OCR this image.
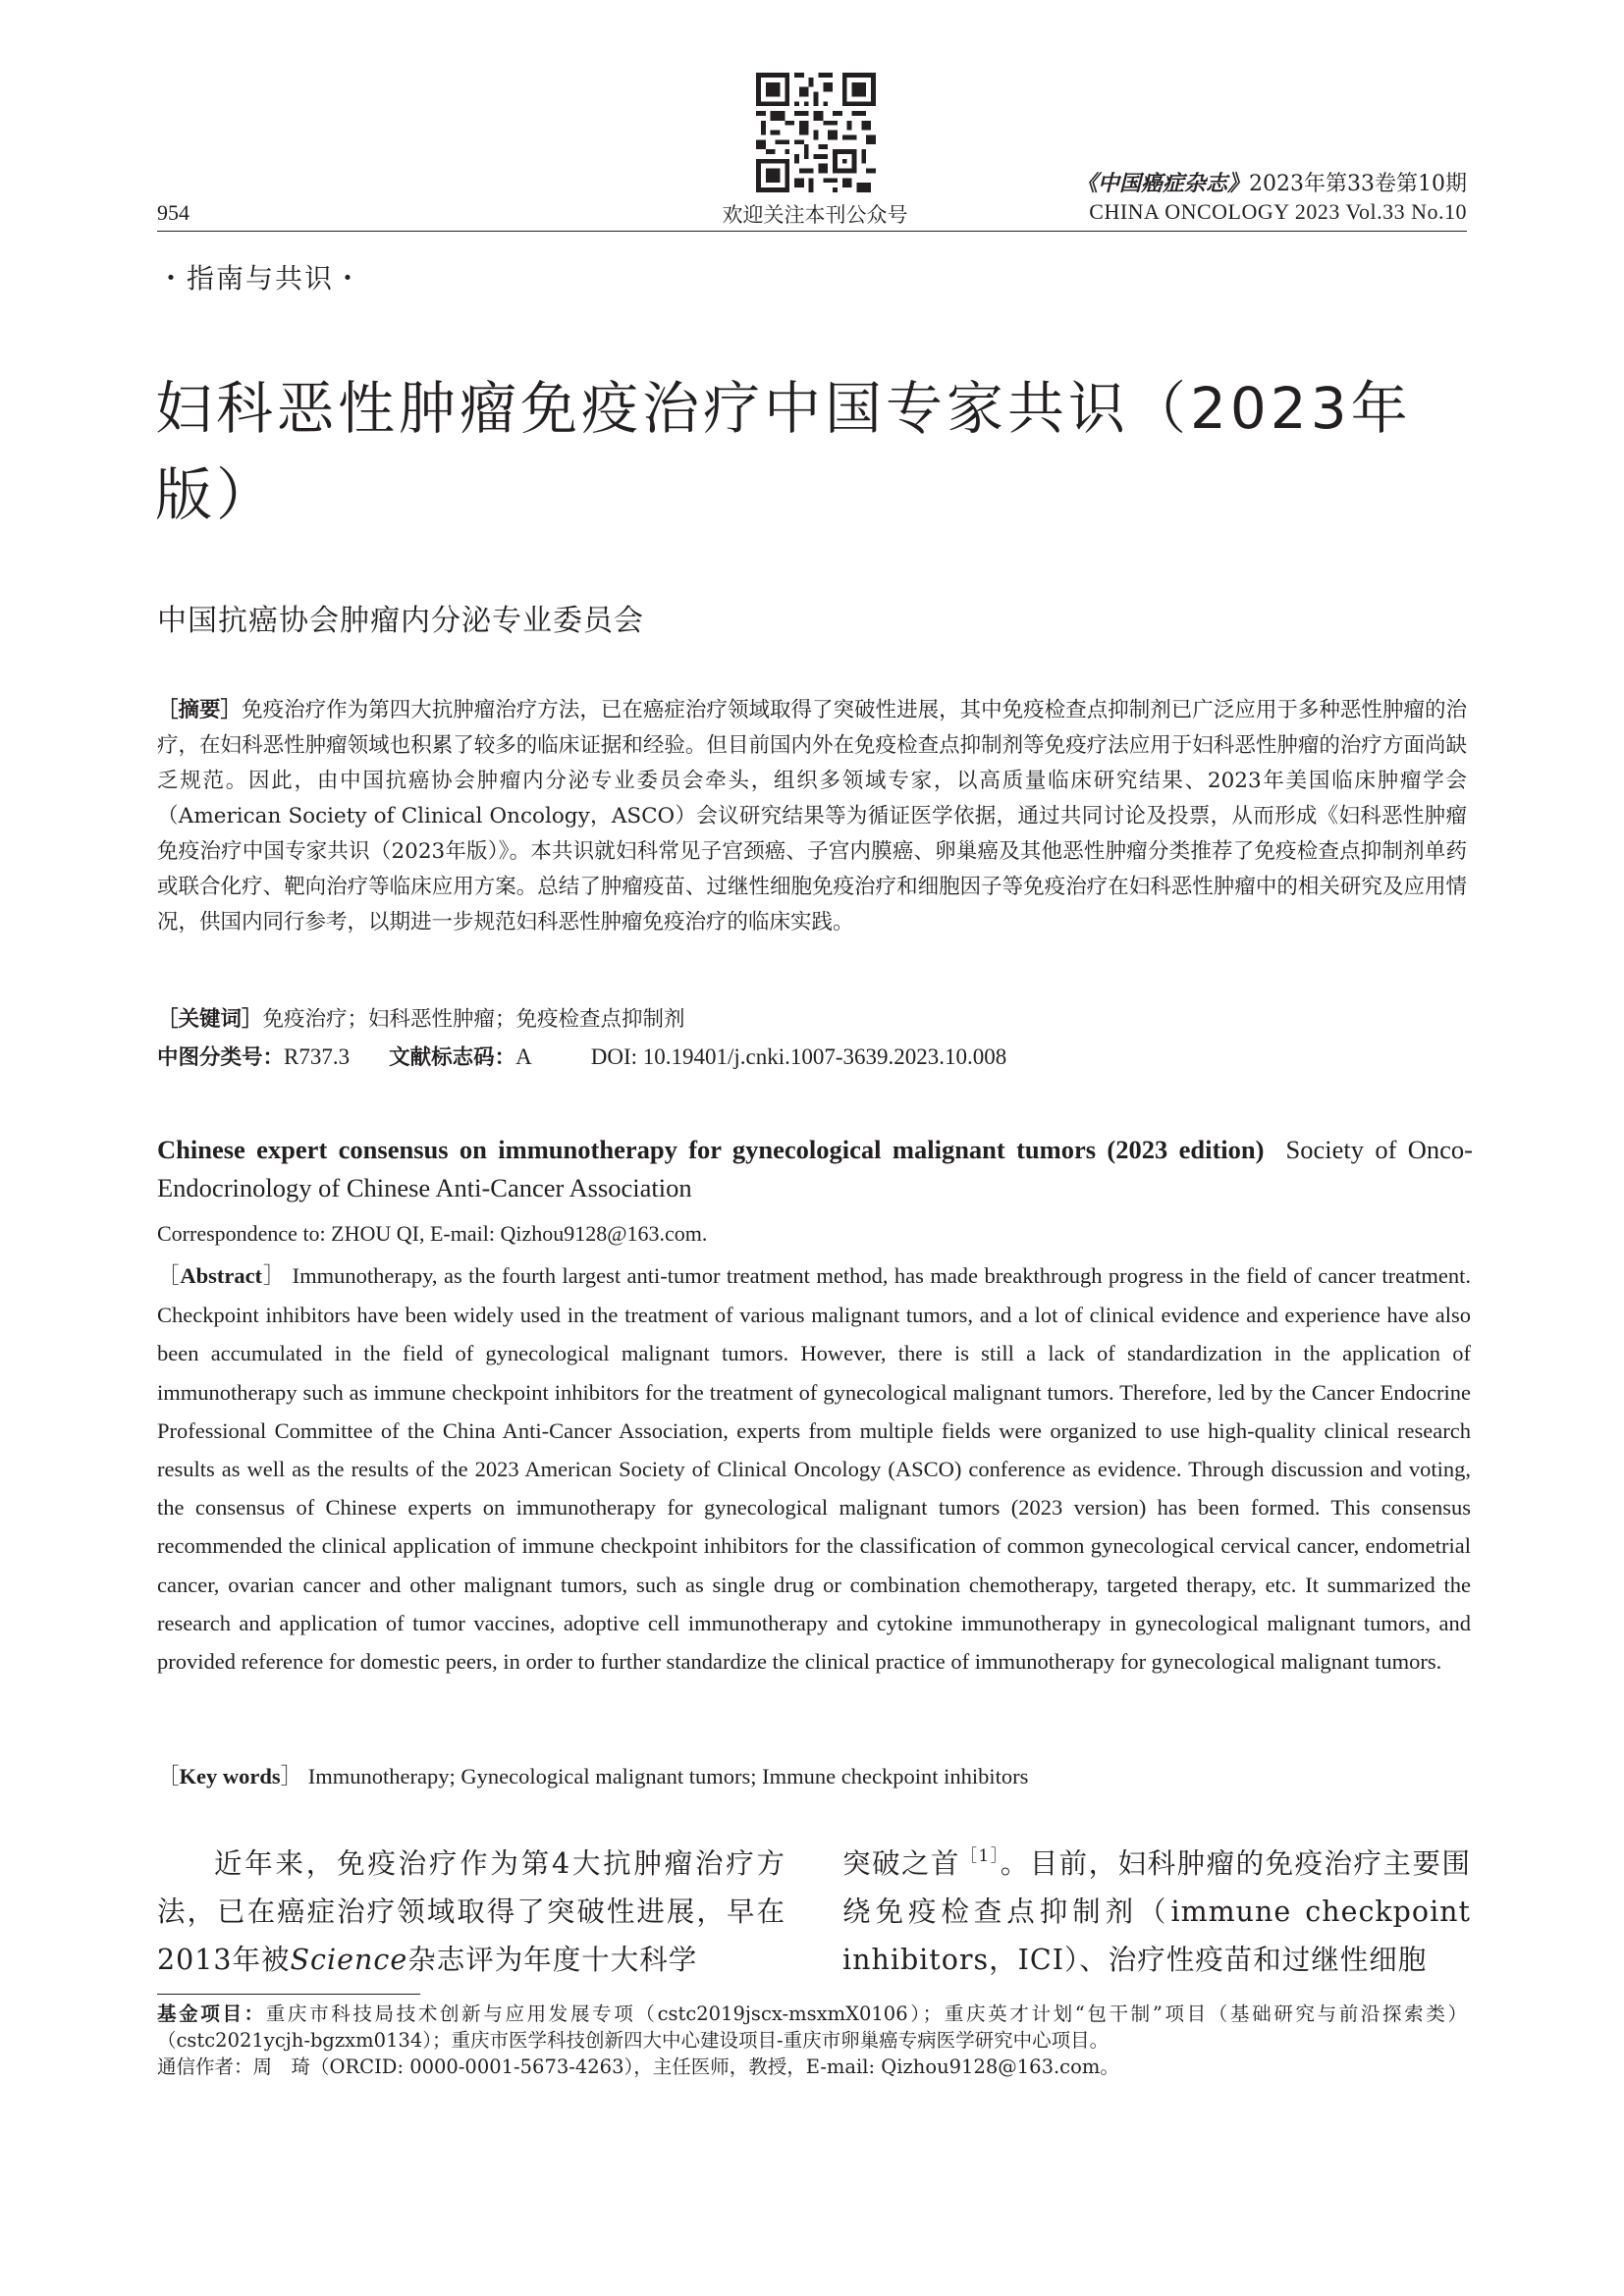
欢迎关注本刊公众号
954
《中国癌症杂志》2023年第33卷第10期
CHINA ONCOLOGY 2023 Vol.33 No.10
・指南与共识・
妇科恶性肿瘤免疫治疗中国专家共识（2023年版）
中国抗癌协会肿瘤内分泌专业委员会

［摘要］免疫治疗作为第四大抗肿瘤治疗方法，已在癌症治疗领域取得了突破性进展，其中免疫检查点抑制剂已广泛应用于多种恶性肿瘤的治疗，在妇科恶性肿瘤领域也积累了较多的临床证据和经验。但目前国内外在免疫检查点抑制剂等免疫疗法应用于妇科恶性肿瘤的治疗方面尚缺乏规范。因此，由中国抗癌协会肿瘤内分泌专业委员会牵头，组织多领域专家，以高质量临床研究结果、2023年美国临床肿瘤学会（American Society of Clinical Oncology，ASCO）会议研究结果等为循证医学依据，通过共同讨论及投票，从而形成《妇科恶性肿瘤免疫治疗中国专家共识（2023年版）》。本共识就妇科常见子宫颈癌、子宫内膜癌、卵巢癌及其他恶性肿瘤分类推荐了免疫检查点抑制剂单药或联合化疗、靶向治疗等临床应用方案。总结了肿瘤疫苗、过继性细胞免疫治疗和细胞因子等免疫治疗在妇科恶性肿瘤中的相关研究及应用情况，供国内同行参考，以期进一步规范妇科恶性肿瘤免疫治疗的临床实践。

［关键词］免疫治疗；妇科恶性肿瘤；免疫检查点抑制剂

中图分类号：R737.3 文献标志码：A	DOI: 10.19401/j.cnki.1007-3639.2023.10.008

Chinese expert consensus on immunotherapy for gynecological malignant tumors (2023 edition) Society of Onco-Endocrinology of Chinese Anti-Cancer Association

Correspondence to: ZHOU QI, E-mail: Qizhou9128@163.com.

［Abstract］ Immunotherapy, as the fourth largest anti-tumor treatment method, has made breakthrough progress in the field of cancer treatment. Checkpoint inhibitors have been widely used in the treatment of various malignant tumors, and a lot of clinical evidence and experience have also been accumulated in the field of gynecological malignant tumors. However, there is still a lack of standardization in the application of immunotherapy such as immune checkpoint inhibitors for the treatment of gynecological malignant tumors. Therefore, led by the Cancer Endocrine Professional Committee of the China Anti-Cancer Association, experts from multiple fields were organized to use high-quality clinical research results as well as the results of the 2023 American Society of Clinical Oncology (ASCO) conference as evidence. Through discussion and voting, the consensus of Chinese experts on immunotherapy for gynecological malignant tumors (2023 version) has been formed. This consensus recommended the clinical application of immune checkpoint inhibitors for the classification of common gynecological cervical cancer, endometrial cancer, ovarian cancer and other malignant tumors, such as single drug or combination chemotherapy, targeted therapy, etc. It summarized the research and application of tumor vaccines, adoptive cell immunotherapy and cytokine immunotherapy in gynecological malignant tumors, and provided reference for domestic peers, in order to further standardize the clinical practice of immunotherapy for gynecological malignant tumors.

［Key words］ Immunotherapy; Gynecological malignant tumors; Immune checkpoint inhibitors

近年来，免疫治疗作为第4大抗肿瘤治疗方法，已在癌症治疗领域取得了突破性进展，早在2013年被Science杂志评为年度十大科学

突破之首$^{[1]}$。目前，妇科肿瘤的免疫治疗主要围绕免疫检查点抑制剂（immune checkpoint inhibitors，ICI）、治疗性疫苗和过继性细胞

基金项目：重庆市科技局技术创新与应用发展专项（cstc2019jscx-msxmX0106）；重庆英才计划“包干制”项目（基础研究与前沿探索类）（cstc2021ycjh-bgzxm0134）；重庆市医学科技创新四大中心建设项目-重庆市卵巢癌专病医学研究中心项目。

通信作者：周　琦（ORCID: 0000-0001-5673-4263），主任医师，教授，E-mail: Qizhou9128@163.com。
